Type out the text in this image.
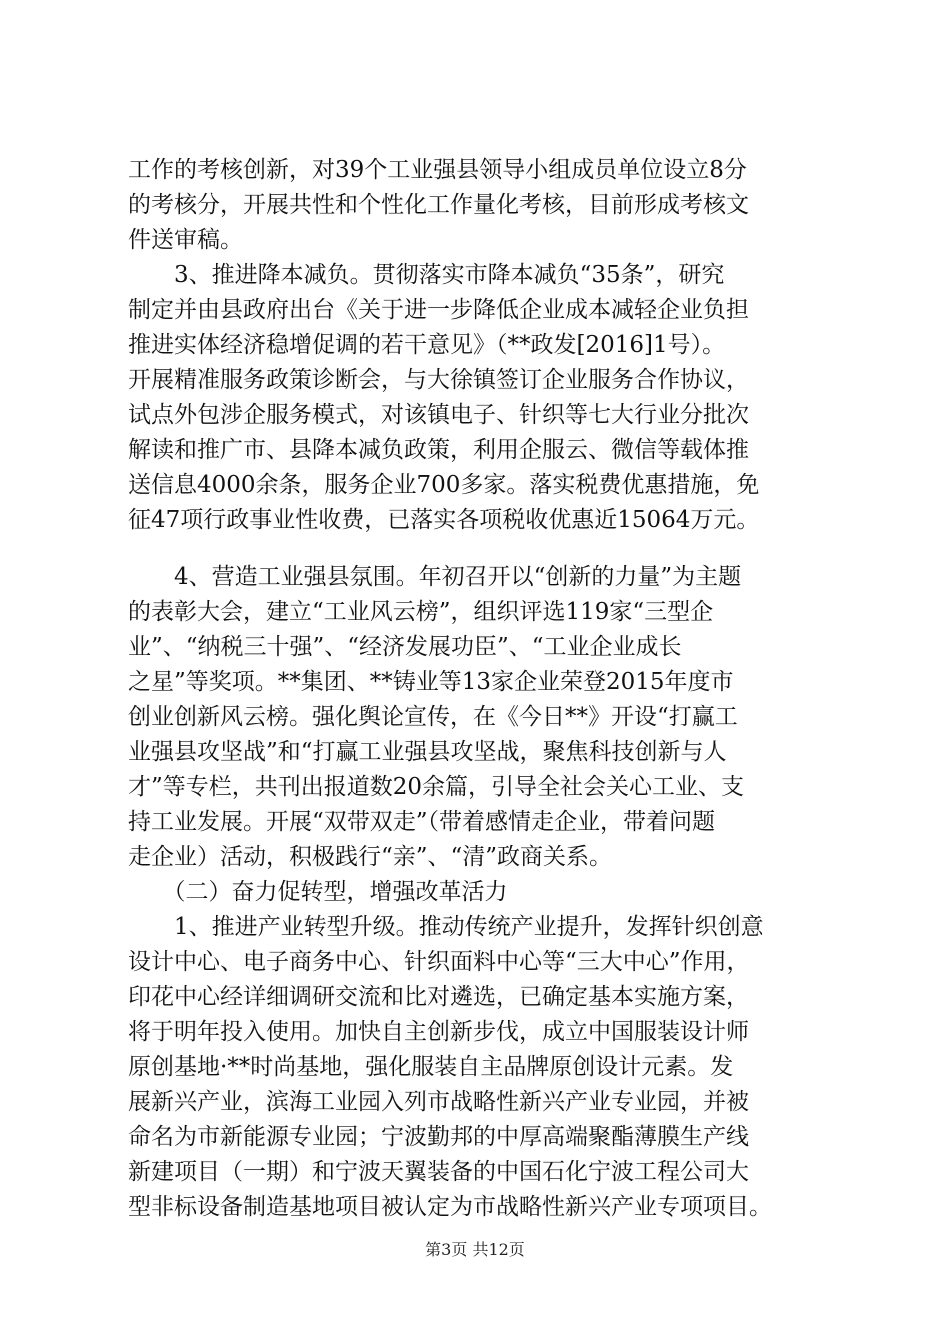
工作的考核创新，对39个工业强县领导小组成员单位设立8分
的考核分，开展共性和个性化工作量化考核，目前形成考核文
件送审稿。
　　3、推进降本减负。贯彻落实市降本减负“35条”，研究
制定并由县政府出台《关于进一步降低企业成本减轻企业负担
推进实体经济稳增促调的若干意见》（**政发[2016]1号）。
开展精准服务政策诊断会，与大徐镇签订企业服务合作协议，
试点外包涉企服务模式，对该镇电子、针织等七大行业分批次
解读和推广市、县降本减负政策，利用企服云、微信等载体推
送信息4000余条，服务企业700多家。落实税费优惠措施，免
征47项行政事业性收费，已落实各项税收优惠近15064万元。
　　4、营造工业强县氛围。年初召开以“创新的力量”为主题
的表彰大会，建立“工业风云榜”，组织评选119家“三型企
业”、“纳税三十强”、“经济发展功臣”、“工业企业成长
之星”等奖项。**集团、**铸业等13家企业荣登2015年度市
创业创新风云榜。强化舆论宣传，在《今日**》开设“打赢工
业强县攻坚战”和“打赢工业强县攻坚战，聚焦科技创新与人
才”等专栏，共刊出报道数20余篇，引导全社会关心工业、支
持工业发展。开展“双带双走”（带着感情走企业，带着问题
走企业）活动，积极践行“亲”、“清”政商关系。
　　（二）奋力促转型，增强改革活力
　　1、推进产业转型升级。推动传统产业提升，发挥针织创意
设计中心、电子商务中心、针织面料中心等“三大中心”作用，
印花中心经详细调研交流和比对遴选，已确定基本实施方案，
将于明年投入使用。加快自主创新步伐，成立中国服装设计师
原创基地·**时尚基地，强化服装自主品牌原创设计元素。发
展新兴产业，滨海工业园入列市战略性新兴产业专业园，并被
命名为市新能源专业园；宁波勤邦的中厚高端聚酯薄膜生产线
新建项目（一期）和宁波天翼装备的中国石化宁波工程公司大
型非标设备制造基地项目被认定为市战略性新兴产业专项项目。
第3页 共12页
